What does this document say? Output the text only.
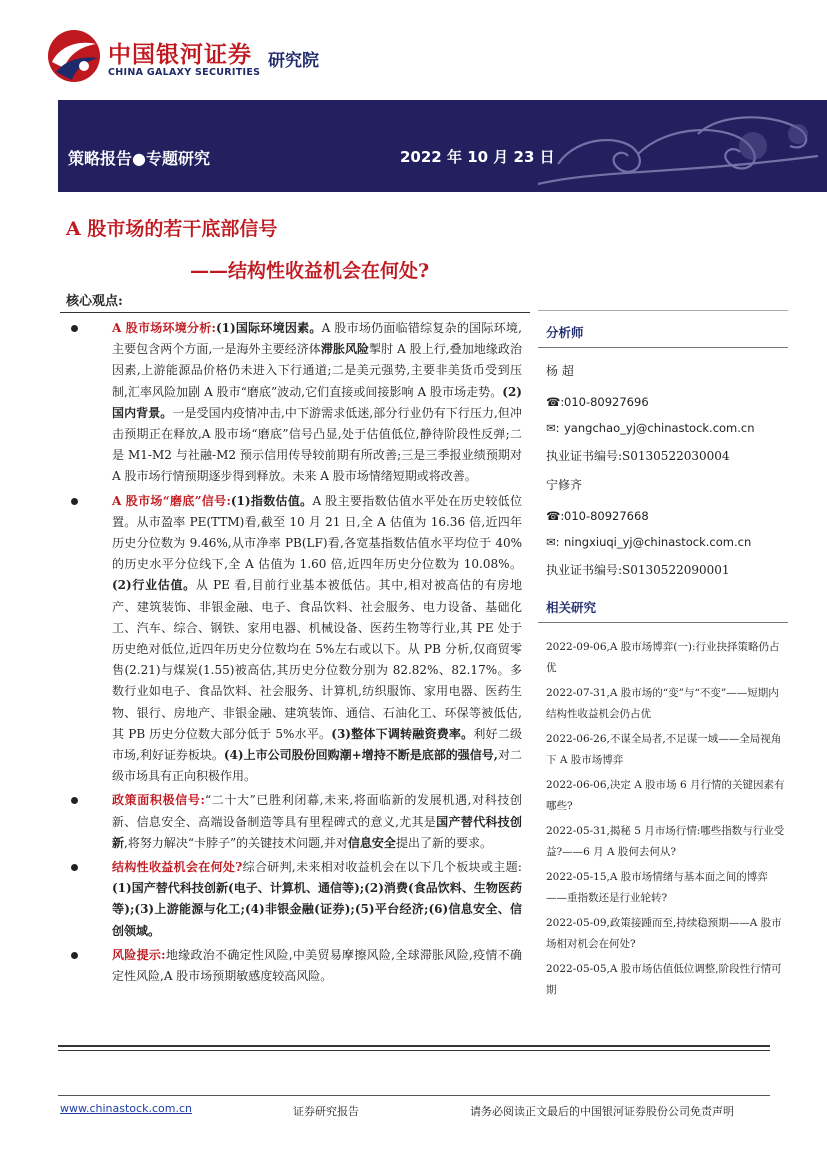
中国银河证券
CHINA GALAXY SECURITIES
研究院
策略报告●专题研究	2022 年 10 月 23 日
A 股市场的若干底部信号
——结构性收益机会在何处?
核心观点:

A 股市场环境分析:(1)国际环境因素。A 股市场仍面临错综复杂的国际环境,主要包含两个方面,一是海外主要经济体滞胀风险掣肘 A 股上行,叠加地缘政治因素,上游能源品价格仍未进入下行通道;二是美元强势,主要非美货币受到压制,汇率风险加剧 A 股市“磨底”波动,它们直接或间接影响 A 股市场走势。(2)国内背景。一是受国内疫情冲击,中下游需求低迷,部分行业仍有下行压力,但冲击预期正在释放,A 股市场“磨底”信号凸显,处于估值低位,静待阶段性反弹;二是 M1-M2 与社融-M2 预示信用传导较前期有所改善;三是三季报业绩预期对 A 股市场行情预期逐步得到释放。未来 A 股市场情绪短期或将改善。

A 股市场“磨底”信号:(1)指数估值。A 股主要指数估值水平处在历史较低位置。从市盈率 PE(TTM)看,截至 10 月 21 日,全 A 估值为 16.36 倍,近四年历史分位数为 9.46%,从市净率 PB(LF)看,各宽基指数估值水平均位于 40%的历史水平分位线下,全 A 估值为 1.60 倍,近四年历史分位数为 10.08%。(2)行业估值。从 PE 看,目前行业基本被低估。其中,相对被高估的有房地产、建筑装饰、非银金融、电子、食品饮料、社会服务、电力设备、基础化工、汽车、综合、钢铁、家用电器、机械设备、医药生物等行业,其 PE 处于历史绝对低位,近四年历史分位数均在 5%左右或以下。从 PB 分析,仅商贸零售(2.21)与煤炭(1.55)被高估,其历史分位数分别为 82.82%、82.17%。多数行业如电子、食品饮料、社会服务、计算机,纺织服饰、家用电器、医药生物、银行、房地产、非银金融、建筑装饰、通信、石油化工、环保等被低估,其 PB 历史分位数大部分低于 5%水平。(3)整体下调转融资费率。利好二级市场,利好证券板块。(4)上市公司股份回购潮+增持不断是底部的强信号,对二级市场具有正向积极作用。

政策面积极信号:“二十大”已胜利闭幕,未来,将面临新的发展机遇,对科技创新、信息安全、高端设备制造等具有里程碑式的意义,尤其是国产替代科技创新,将努力解决“卡脖子”的关键技术问题,并对信息安全提出了新的要求。

结构性收益机会在何处?综合研判,未来相对收益机会在以下几个板块或主题:(1)国产替代科技创新(电子、计算机、通信等);(2)消费(食品饮料、生物医药等);(3)上游能源与化工;(4)非银金融(证券);(5)平台经济;(6)信息安全、信创领域。

风险提示:地缘政治不确定性风险,中美贸易摩擦风险,全球滞胀风险,疫情不确定性风险,A 股市场预期敏感度较高风险。

分析师
杨 超
☎:010-80927696
✉: yangchao_yj@chinastock.com.cn
执业证书编号:S0130522030004
宁修齐
☎:010-80927668
✉: ningxiuqi_yj@chinastock.com.cn
执业证书编号:S0130522090001
相关研究
2022-09-06,A 股市场博弈(一):行业抉择策略仍占优
2022-07-31,A 股市场的“变”与“不变”——短期内结构性收益机会仍占优
2022-06-26,不谋全局者,不足谋一域——全局视角下 A 股市场博弈
2022-06-06,决定 A 股市场 6 月行情的关键因素有哪些?
2022-05-31,揭秘 5 月市场行情:哪些指数与行业受益?——6 月 A 股何去何从?
2022-05-15,A 股市场情绪与基本面之间的博弈——重指数还是行业轮转?
2022-05-09,政策接踵而至,持续稳预期——A 股市场相对机会在何处?
2022-05-05,A 股市场估值低位调整,阶段性行情可期
www.chinastock.com.cn	证券研究报告	请务必阅读正文最后的中国银河证券股份公司免责声明
